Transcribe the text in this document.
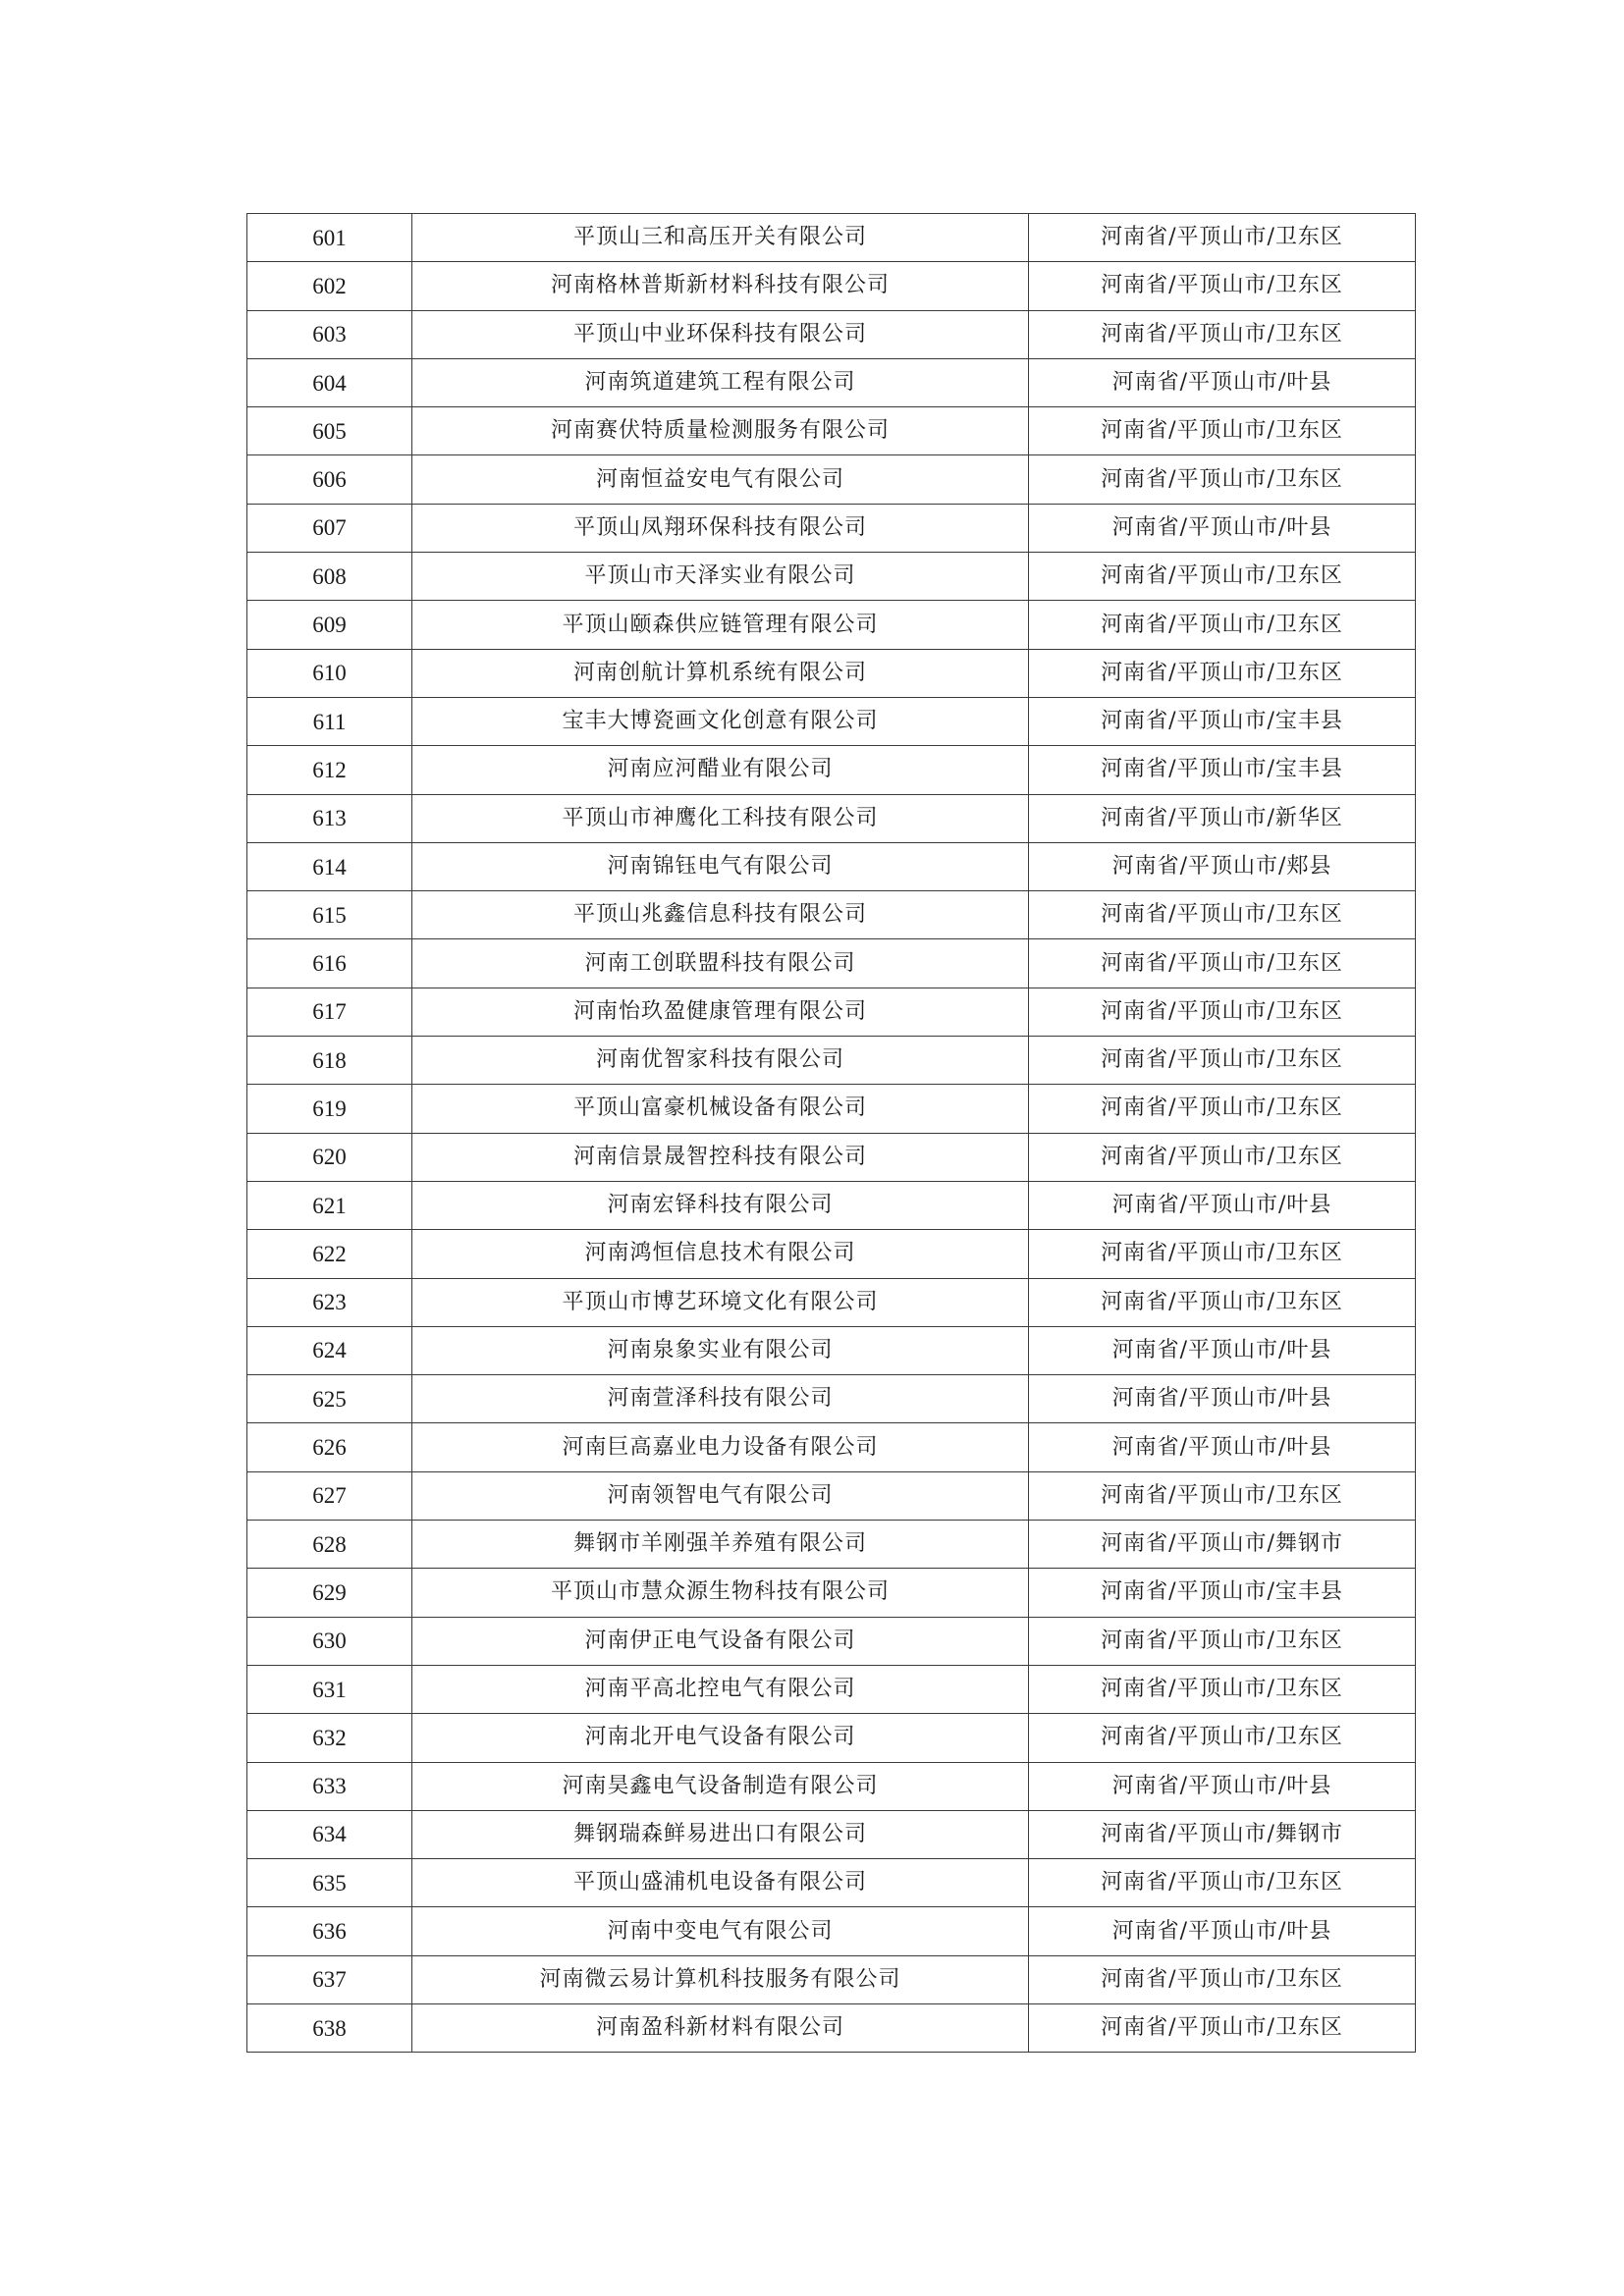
601	平顶山三和高压开关有限公司	河南省/平顶山市/卫东区
602	河南格林普斯新材料科技有限公司	河南省/平顶山市/卫东区
603	平顶山中业环保科技有限公司	河南省/平顶山市/卫东区
604	河南筑道建筑工程有限公司	河南省/平顶山市/叶县
605	河南赛伏特质量检测服务有限公司	河南省/平顶山市/卫东区
606	河南恒益安电气有限公司	河南省/平顶山市/卫东区
607	平顶山凤翔环保科技有限公司	河南省/平顶山市/叶县
608	平顶山市天泽实业有限公司	河南省/平顶山市/卫东区
609	平顶山颐森供应链管理有限公司	河南省/平顶山市/卫东区
610	河南创航计算机系统有限公司	河南省/平顶山市/卫东区
611	宝丰大博瓷画文化创意有限公司	河南省/平顶山市/宝丰县
612	河南应河醋业有限公司	河南省/平顶山市/宝丰县
613	平顶山市神鹰化工科技有限公司	河南省/平顶山市/新华区
614	河南锦钰电气有限公司	河南省/平顶山市/郏县
615	平顶山兆鑫信息科技有限公司	河南省/平顶山市/卫东区
616	河南工创联盟科技有限公司	河南省/平顶山市/卫东区
617	河南怡玖盈健康管理有限公司	河南省/平顶山市/卫东区
618	河南优智家科技有限公司	河南省/平顶山市/卫东区
619	平顶山富豪机械设备有限公司	河南省/平顶山市/卫东区
620	河南信景晟智控科技有限公司	河南省/平顶山市/卫东区
621	河南宏铎科技有限公司	河南省/平顶山市/叶县
622	河南鸿恒信息技术有限公司	河南省/平顶山市/卫东区
623	平顶山市博艺环境文化有限公司	河南省/平顶山市/卫东区
624	河南泉象实业有限公司	河南省/平顶山市/叶县
625	河南萱泽科技有限公司	河南省/平顶山市/叶县
626	河南巨高嘉业电力设备有限公司	河南省/平顶山市/叶县
627	河南领智电气有限公司	河南省/平顶山市/卫东区
628	舞钢市羊刚强羊养殖有限公司	河南省/平顶山市/舞钢市
629	平顶山市慧众源生物科技有限公司	河南省/平顶山市/宝丰县
630	河南伊正电气设备有限公司	河南省/平顶山市/卫东区
631	河南平高北控电气有限公司	河南省/平顶山市/卫东区
632	河南北开电气设备有限公司	河南省/平顶山市/卫东区
633	河南昊鑫电气设备制造有限公司	河南省/平顶山市/叶县
634	舞钢瑞森鲜易进出口有限公司	河南省/平顶山市/舞钢市
635	平顶山盛浦机电设备有限公司	河南省/平顶山市/卫东区
636	河南中变电气有限公司	河南省/平顶山市/叶县
637	河南微云易计算机科技服务有限公司	河南省/平顶山市/卫东区
638	河南盈科新材料有限公司	河南省/平顶山市/卫东区
